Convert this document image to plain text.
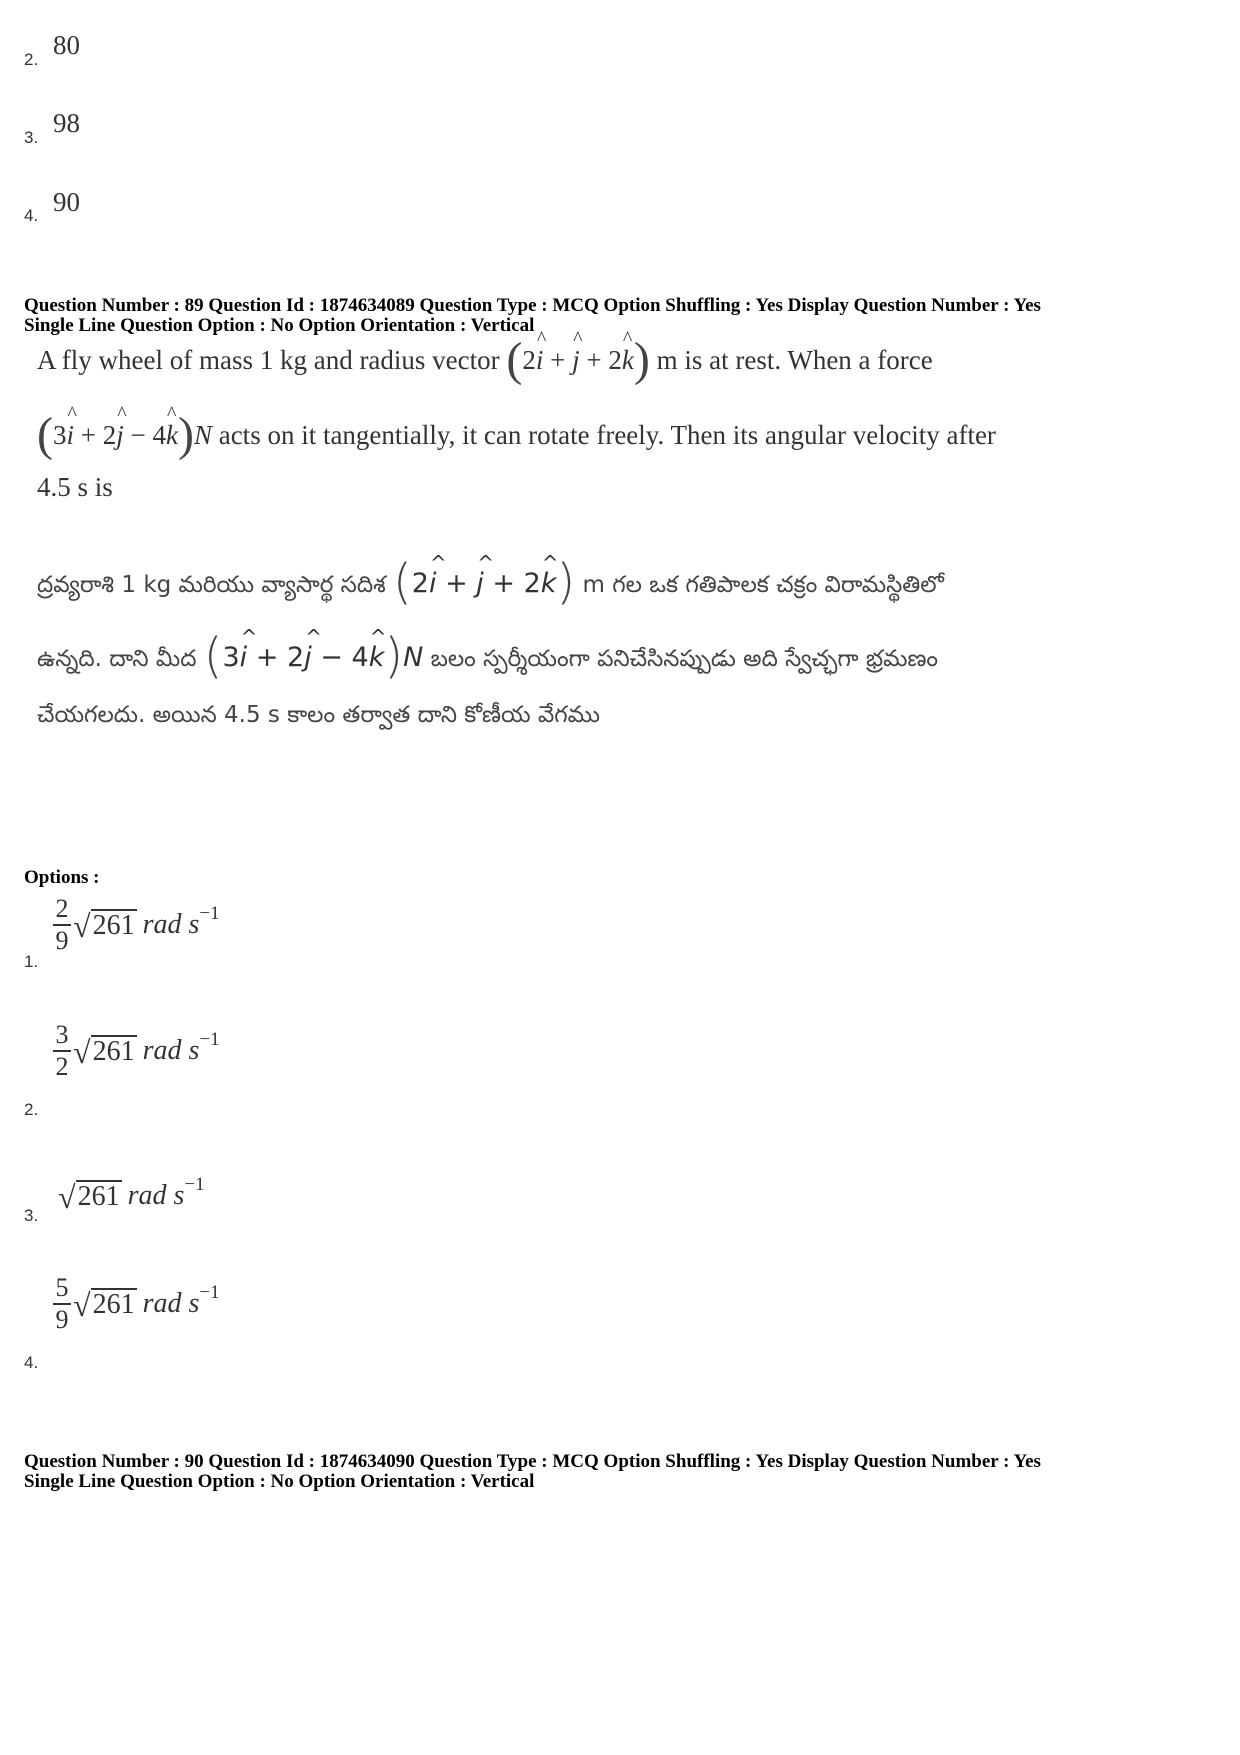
2. 80
3. 98
4. 90
Question Number : 89 Question Id : 1874634089 Question Type : MCQ Option Shuffling : Yes Display Question Number : Yes
Single Line Question Option : No Option Orientation : Vertical
A fly wheel of mass 1 kg and radius vector (2i
^
+ j
^
+ 2k
^ ) m is at rest. When a force
(3i
^
+ 2j
^
− 4k
^ )N acts on it tangentially, it can rotate freely. Then its angular velocity after
4.5 s is
ద్రవ్యరాశి 1 kg మరియు వ్యాసార్థ సదిశ (2i
^
+ j
^
+ 2k
^
) m గల ఒక గతిపాలక చక్రం విరామస్థితిలో
ఉన్నది. దాని మీద (3i
^
+ 2j
^
− 4k
^
)N బలం స్పర్శీయంగా పనిచేసినప్పుడు అది స్వేచ్ఛగా భ్రమణం
చేయగలదు. అయిన 4.5 s కాలం తర్వాత దాని కోణీయ వేగము
Options :
1.
$\frac{2}{9}$ √ 261 rad $s^{-1}$
2.
$\frac{3}{2}$ √ 261 rad $s^{-1}$
3.
√ 261 rad $s^{-1}$
4.
$\frac{5}{9}$ √ 261 rad $s^{-1}$
Question Number : 90 Question Id : 1874634090 Question Type : MCQ Option Shuffling : Yes Display Question Number : Yes
Single Line Question Option : No Option Orientation : Vertical
